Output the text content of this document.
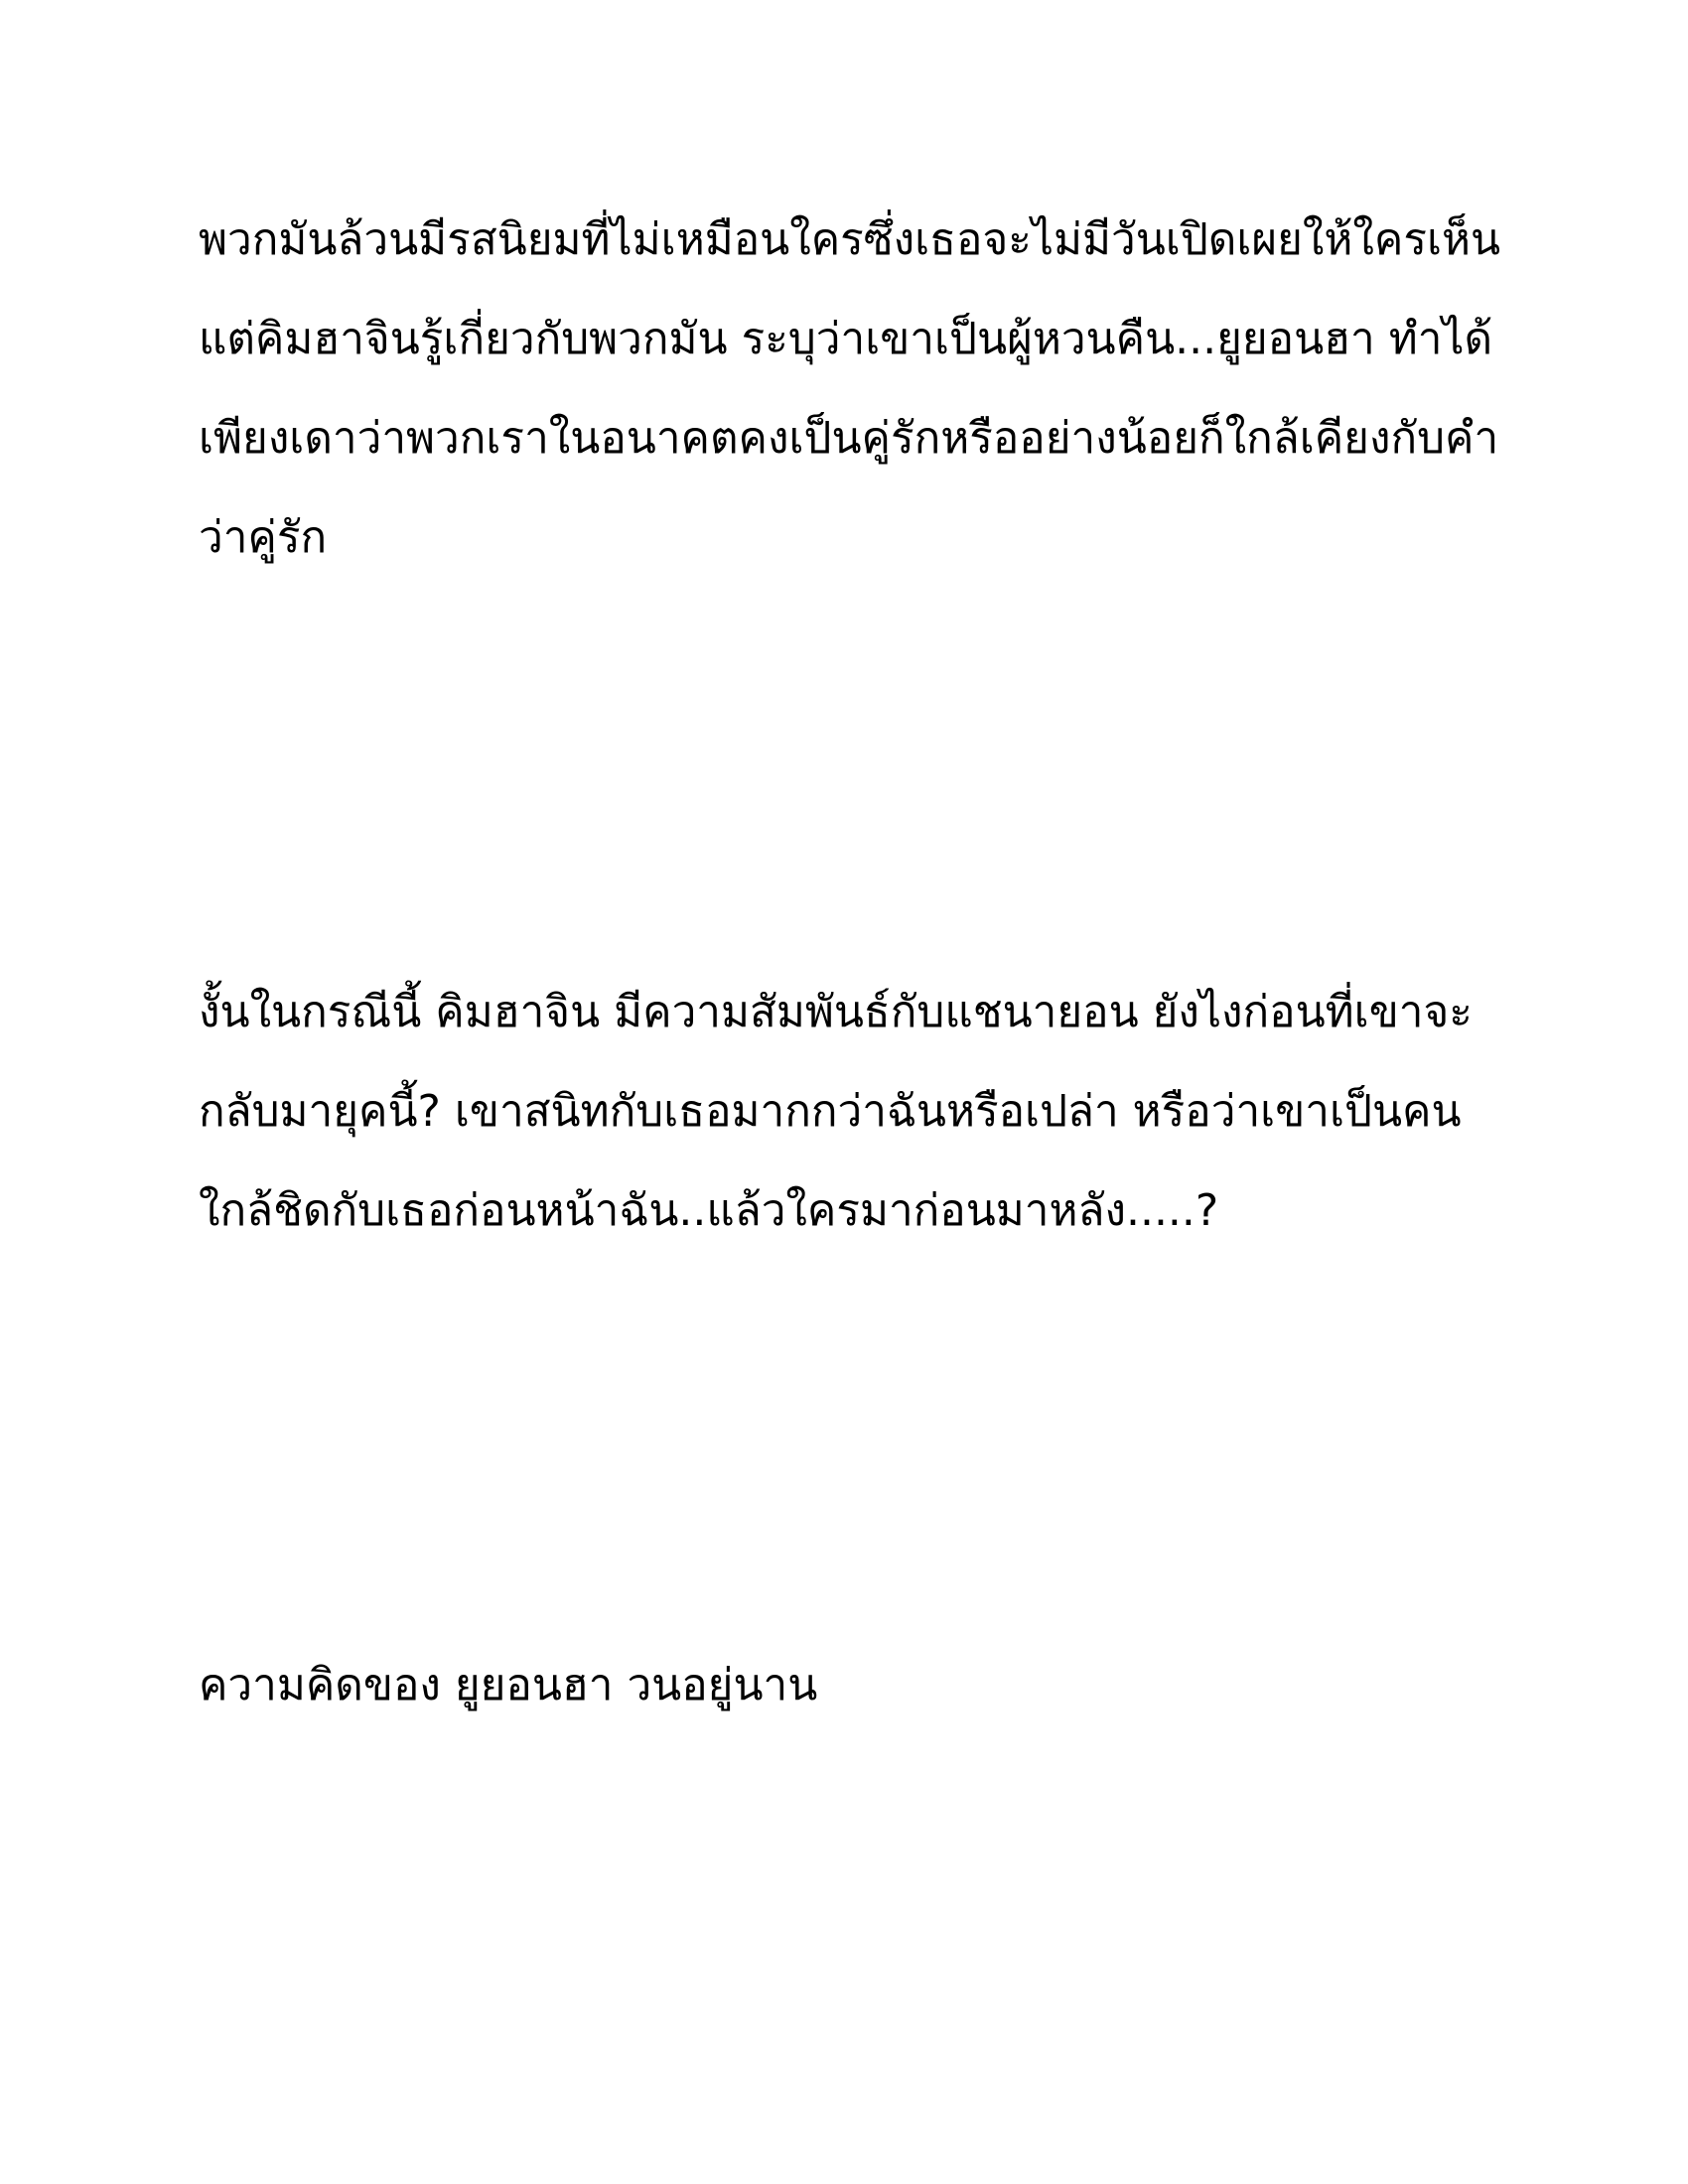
พวกมันล้วนมีรสนิยมที่ไม่เหมือนใครซึ่งเธอจะไม่มีวันเปิดเผยให้ใครเห็น
แต่คิมฮาจินรู้เกี่ยวกับพวกมัน ระบุว่าเขาเป็นผู้หวนคืน...ยูยอนฮา ทำได้
เพียงเดาว่าพวกเราในอนาคตคงเป็นคู่รักหรืออย่างน้อยก็ใกล้เคียงกับคำ
ว่าคู่รัก
งั้นในกรณีนี้ คิมฮาจิน มีความสัมพันธ์กับแชนายอน ยังไงก่อนที่เขาจะ
กลับมายุคนี้? เขาสนิทกับเธอมากกว่าฉันหรือเปล่า หรือว่าเขาเป็นคน
ใกล้ชิดกับเธอก่อนหน้าฉัน..แล้วใครมาก่อนมาหลัง.....?
ความคิดของ ยูยอนฮา วนอยู่นาน
